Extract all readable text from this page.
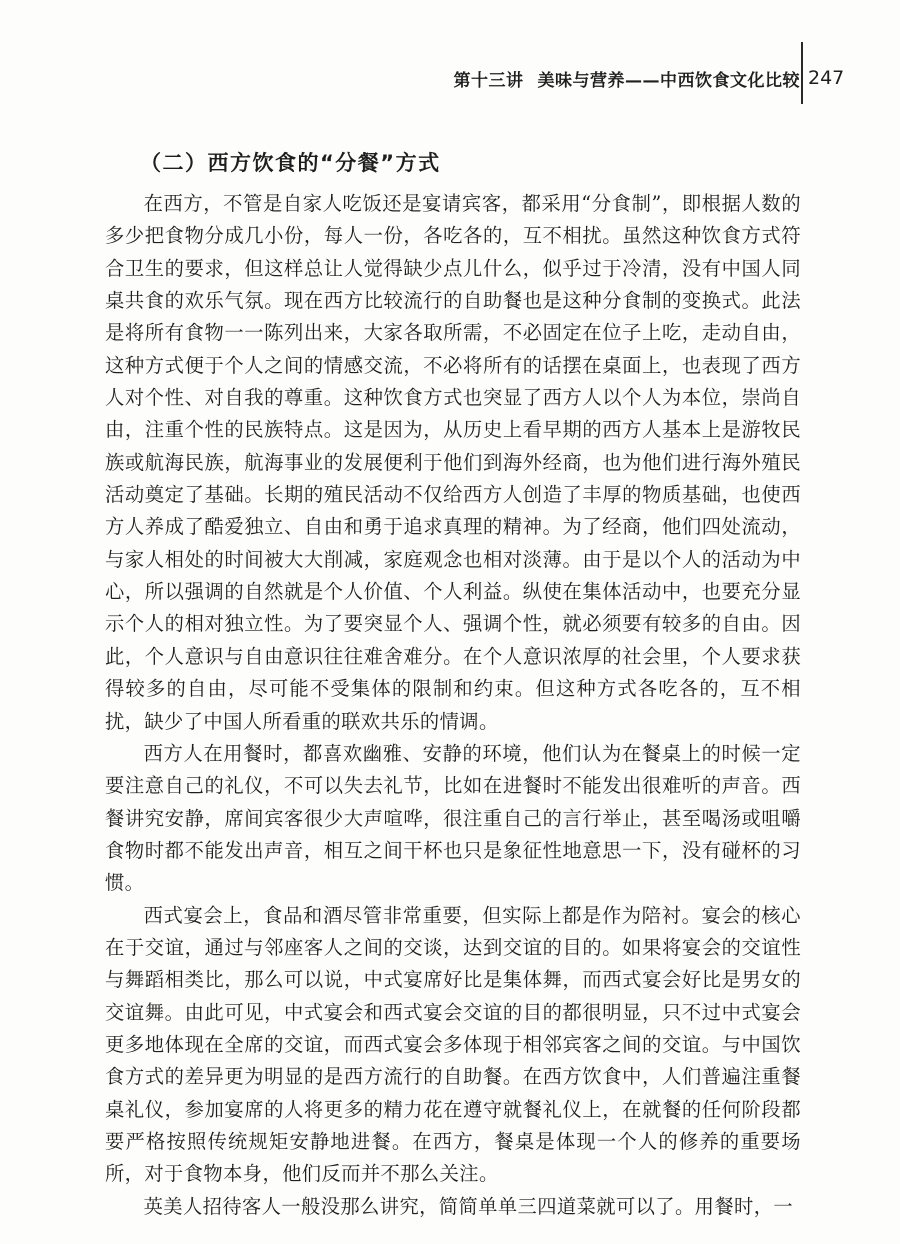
第十三讲 美味与营养——中西饮食文化比较 247
（二）西方饮食的“分餐”方式

在西方，不管是自家人吃饭还是宴请宾客，都采用“分食制”，即根据人数的多少把食物分成几小份，每人一份，各吃各的，互不相扰。虽然这种饮食方式符合卫生的要求，但这样总让人觉得缺少点儿什么，似乎过于冷清，没有中国人同桌共食的欢乐气氛。现在西方比较流行的自助餐也是这种分食制的变换式。此法是将所有食物一一陈列出来，大家各取所需，不必固定在位子上吃，走动自由，这种方式便于个人之间的情感交流，不必将所有的话摆在桌面上，也表现了西方人对个性、对自我的尊重。这种饮食方式也突显了西方人以个人为本位，崇尚自由，注重个性的民族特点。这是因为，从历史上看早期的西方人基本上是游牧民族或航海民族，航海事业的发展便利于他们到海外经商，也为他们进行海外殖民活动奠定了基础。长期的殖民活动不仅给西方人创造了丰厚的物质基础，也使西方人养成了酷爱独立、自由和勇于追求真理的精神。为了经商，他们四处流动，与家人相处的时间被大大削减，家庭观念也相对淡薄。由于是以个人的活动为中心，所以强调的自然就是个人价值、个人利益。纵使在集体活动中，也要充分显示个人的相对独立性。为了要突显个人、强调个性，就必须要有较多的自由。因此，个人意识与自由意识往往难舍难分。在个人意识浓厚的社会里，个人要求获得较多的自由，尽可能不受集体的限制和约束。但这种方式各吃各的，互不相扰，缺少了中国人所看重的联欢共乐的情调。

西方人在用餐时，都喜欢幽雅、安静的环境，他们认为在餐桌上的时候一定要注意自己的礼仪，不可以失去礼节，比如在进餐时不能发出很难听的声音。西餐讲究安静，席间宾客很少大声喧哗，很注重自己的言行举止，甚至喝汤或咀嚼食物时都不能发出声音，相互之间干杯也只是象征性地意思一下，没有碰杯的习惯。

西式宴会上，食品和酒尽管非常重要，但实际上都是作为陪衬。宴会的核心在于交谊，通过与邻座客人之间的交谈，达到交谊的目的。如果将宴会的交谊性与舞蹈相类比，那么可以说，中式宴席好比是集体舞，而西式宴会好比是男女的交谊舞。由此可见，中式宴会和西式宴会交谊的目的都很明显，只不过中式宴会更多地体现在全席的交谊，而西式宴会多体现于相邻宾客之间的交谊。与中国饮食方式的差异更为明显的是西方流行的自助餐。在西方饮食中，人们普遍注重餐桌礼仪，参加宴席的人将更多的精力花在遵守就餐礼仪上，在就餐的任何阶段都要严格按照传统规矩安静地进餐。在西方，餐桌是体现一个人的修养的重要场所，对于食物本身，他们反而并不那么关注。

英美人招待客人一般没那么讲究，简简单单三四道菜就可以了。用餐时，一
